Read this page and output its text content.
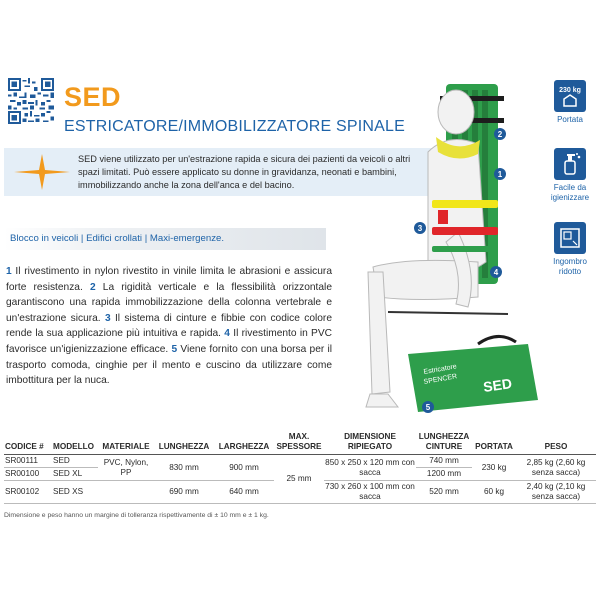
SED
ESTRICATORE/IMMOBILIZZATORE SPINALE

SED viene utilizzato per un'estrazione rapida e sicura dei pazienti da veicoli o altri spazi limitati. Può essere applicato su donne in gravidanza, neonati e bambini, immobilizzando anche la zona dell'anca e del bacino.

Blocco in veicoli | Edifici crollati | Maxi-emergenze.
1 Il rivestimento in nylon rivestito in vinile limita le abrasioni e assicura forte resistenza. 2 La rigidità verticale e la flessibilità orizzontale garantiscono una rapida immobilizzazione della colonna vertebrale e un'estrazione sicura. 3 Il sistema di cinture e fibbie con codice colore rende la sua applicazione più intuitiva e rapida. 4 Il rivestimento in PVC favorisce un'igienizzazione efficace. 5 Viene fornito con una borsa per il trasporto comoda, cinghie per il mento e cuscino da utilizzare come imbottitura per la nuca.
Estricatore
SPENCER SED
2
1
3
4
5
230 kg
Portata
Facile da igienizzare
Ingombro ridotto
CODICE #	MODELLO	MATERIALE	LUNGHEZZA	LARGHEZZA	MAX. SPESSORE	DIMENSIONE RIPIEGATO	LUNGHEZZA CINTURE	PORTATA	PESO
SR00111	SED	PVC, Nylon, PP	830 mm	900 mm	25 mm	850 x 250 x 120 mm con sacca	740 mm	230 kg	2,85 kg (2,60 kg senza sacca)
SR00100	SED XL						1200 mm		
SR00102	SED XS		690 mm	640 mm		730 x 260 x 100 mm con sacca	520 mm	60 kg	2,40 kg (2,10 kg senza sacca)
Dimensione e peso hanno un margine di tolleranza rispettivamente di ± 10 mm e ± 1 kg.
